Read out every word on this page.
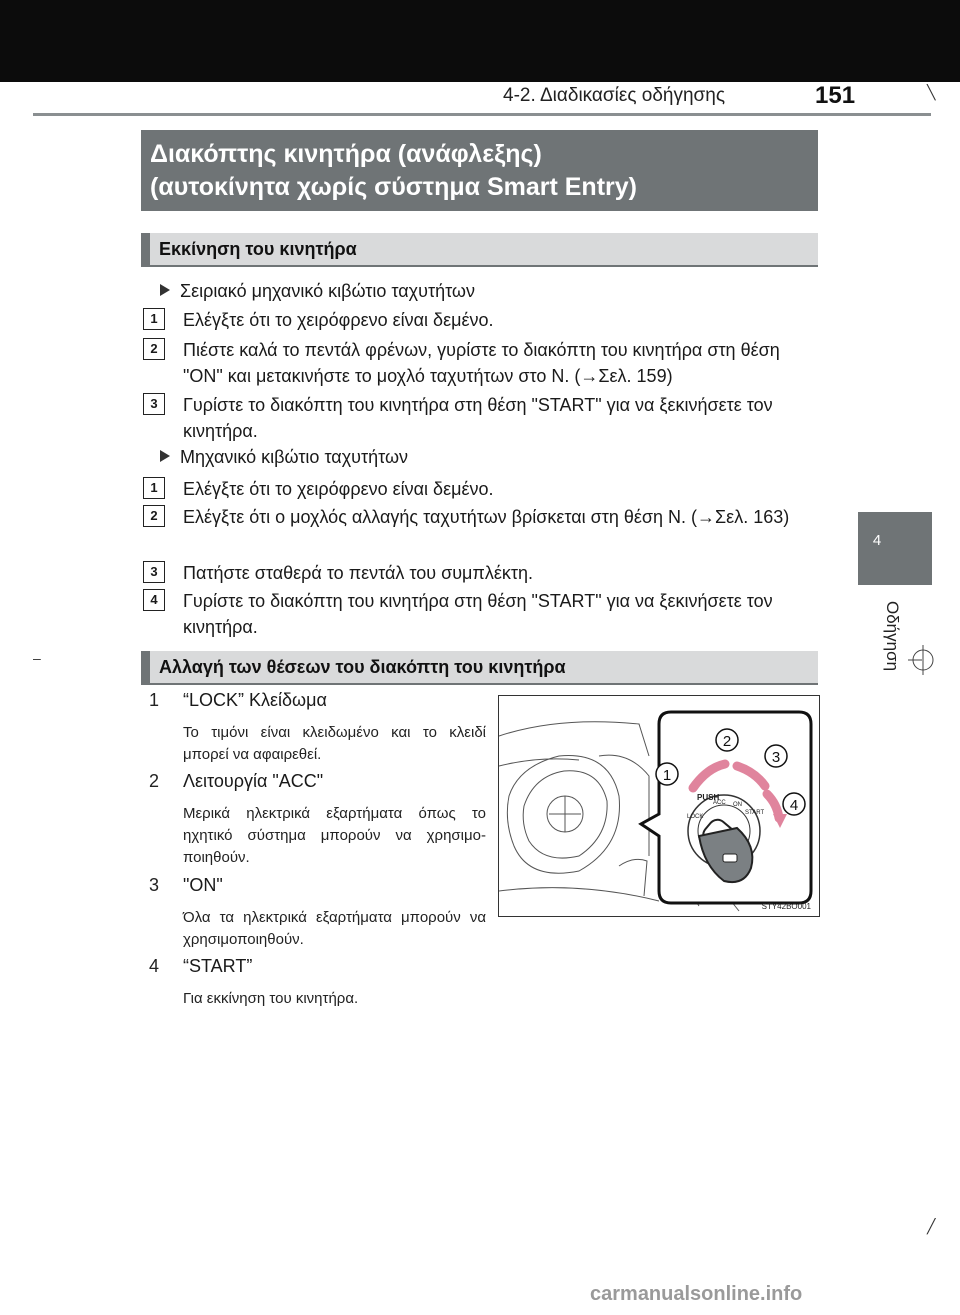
4-2. Διαδικασίες οδήγησης	151	╲
╱
–
4
Οδήγηση
Διακόπτης κινητήρα (ανάφλεξης)
(αυτοκίνητα χωρίς σύστημα Smart Entry)
Εκκίνηση του κινητήρα
Σειριακό μηχανικό κιβώτιο ταχυτήτων
1	Ελέγξτε ότι το χειρόφρενο είναι δεμένο.
2	Πιέστε καλά το πεντάλ φρένων, γυρίστε το διακόπτη του κινητήρα στη θέση "ON" και μετακινήστε το μοχλό ταχυτήτων στο N. (→Σελ. 159)
3	Γυρίστε το διακόπτη του κινητήρα στη θέση "START" για να ξεκινήσετε τον κινητήρα.
Μηχανικό κιβώτιο ταχυτήτων
1	Ελέγξτε ότι το χειρόφρενο είναι δεμένο.
2	Ελέγξτε ότι ο μοχλός αλλαγής ταχυτήτων βρίσκεται στη θέση N. (→Σελ. 163)
3	Πατήστε σταθερά το πεντάλ του συμπλέκτη.
4	Γυρίστε το διακόπτη του κινητήρα στη θέση "START" για να ξεκινήσετε τον κινητήρα.
Αλλαγή των θέσεων του διακόπτη του κινητήρα
1 “LOCK” Κλείδωμα
Το τιμόνι είναι κλειδωμένο και το κλειδί μπορεί να αφαιρεθεί.
2 Λειτουργία "ACC"
Μερικά ηλεκτρικά εξαρτήματα όπως το ηχητικό σύστημα μπορούν να χρησιμο-ποιηθούν.
3 "ON"
Όλα τα ηλεκτρικά εξαρτήματα μπορούν να χρησιμοποιηθούν.
4 “START”
Για εκκίνηση του κινητήρα.
PUSH
LOCK
ACC ON
START
1
2
3
4
STY42BO001
carmanualsonline.info
